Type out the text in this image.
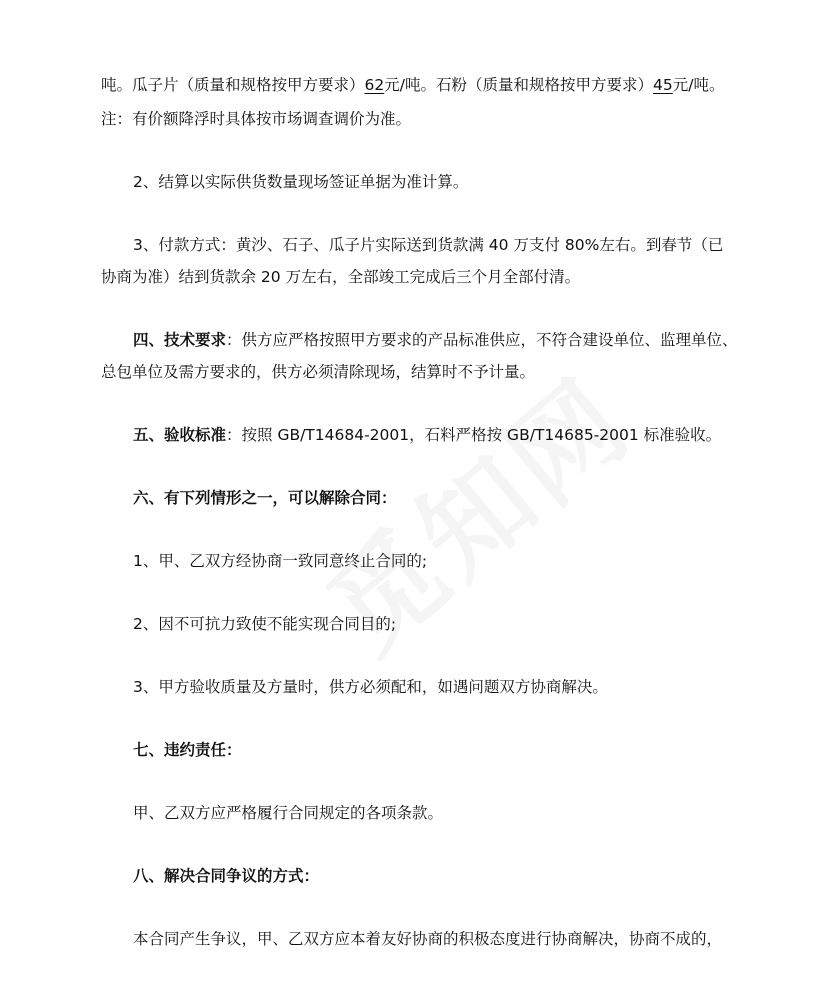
吨。瓜子片（质量和规格按甲方要求）62元/吨。石粉（质量和规格按甲方要求）45元/吨。
注：有价额降浮时具体按市场调查调价为准。
2、结算以实际供货数量现场签证单据为准计算。
3、付款方式：黄沙、石子、瓜子片实际送到货款满 40 万支付 80%左右。到春节（已
协商为准）结到货款余 20 万左右，全部竣工完成后三个月全部付清。
四、技术要求：供方应严格按照甲方要求的产品标准供应，不符合建设单位、监理单位、
总包单位及需方要求的，供方必须清除现场，结算时不予计量。
五、验收标准：按照 GB/T14684-2001，石料严格按 GB/T14685-2001 标准验收。
六、有下列情形之一，可以解除合同：
1、甲、乙双方经协商一致同意终止合同的;
2、因不可抗力致使不能实现合同目的;
3、甲方验收质量及方量时，供方必须配和，如遇问题双方协商解决。
七、违约责任：
甲、乙双方应严格履行合同规定的各项条款。
八、解决合同争议的方式：
本合同产生争议，甲、乙双方应本着友好协商的积极态度进行协商解决，协商不成的，
